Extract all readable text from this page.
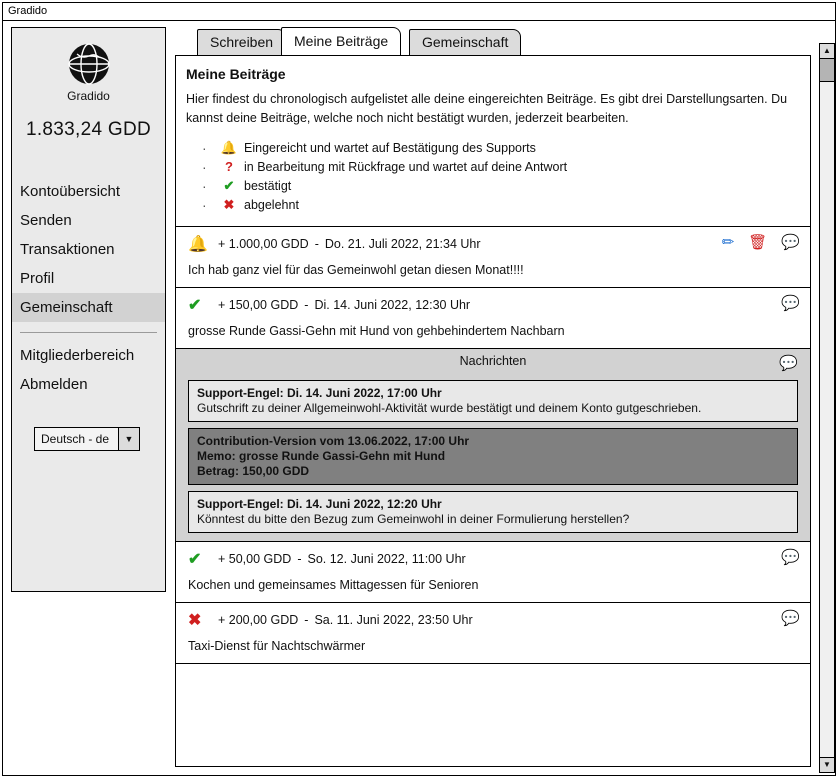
Gradido
Gradido
1.833,24 GDD
Kontoübersicht
Senden
Transaktionen
Profil
Gemeinschaft
Mitgliederbereich
Abmelden
Deutsch - de	▼
Schreiben	Meine Beiträge	Gemeinschaft
Meine Beiträge
Hier findest du chronologisch aufgelistet alle deine eingereichten Beiträge. Es gibt drei Darstellungsarten. Du kannst deine Beiträge, welche noch nicht bestätigt wurden, jederzeit bearbeiten.
·	🔔 Eingereicht und wartet auf Bestätigung des Supports
·	? in Bearbeitung mit Rückfrage und wartet auf deine Antwort
·	✔ bestätigt
·	✖ abgelehnt
🔔 + 1.000,00 GDD - Do. 21. Juli 2022, 21:34 Uhr	✏ 🗑 💬
Ich hab ganz viel für das Gemeinwohl getan diesen Monat!!!!
✔	+ 150,00 GDD - Di. 14. Juni 2022, 12:30 Uhr	💬
grosse Runde Gassi-Gehn mit Hund von gehbehindertem Nachbarn
Nachrichten	💬
Support-Engel: Di. 14. Juni 2022, 17:00 Uhr
Gutschrift zu deiner Allgemeinwohl-Aktivität wurde bestätigt und deinem Konto gutgeschrieben.
Contribution-Version vom 13.06.2022, 17:00 Uhr
Memo: grosse Runde Gassi-Gehn mit Hund
Betrag: 150,00 GDD
Support-Engel: Di. 14. Juni 2022, 12:20 Uhr
Könntest du bitte den Bezug zum Gemeinwohl in deiner Formulierung herstellen?
✔	+ 50,00 GDD - So. 12. Juni 2022, 11:00 Uhr	💬
Kochen und gemeinsames Mittagessen für Senioren
✖	+ 200,00 GDD - Sa. 11. Juni 2022, 23:50 Uhr	💬
Taxi-Dienst für Nachtschwärmer
▲
▼
